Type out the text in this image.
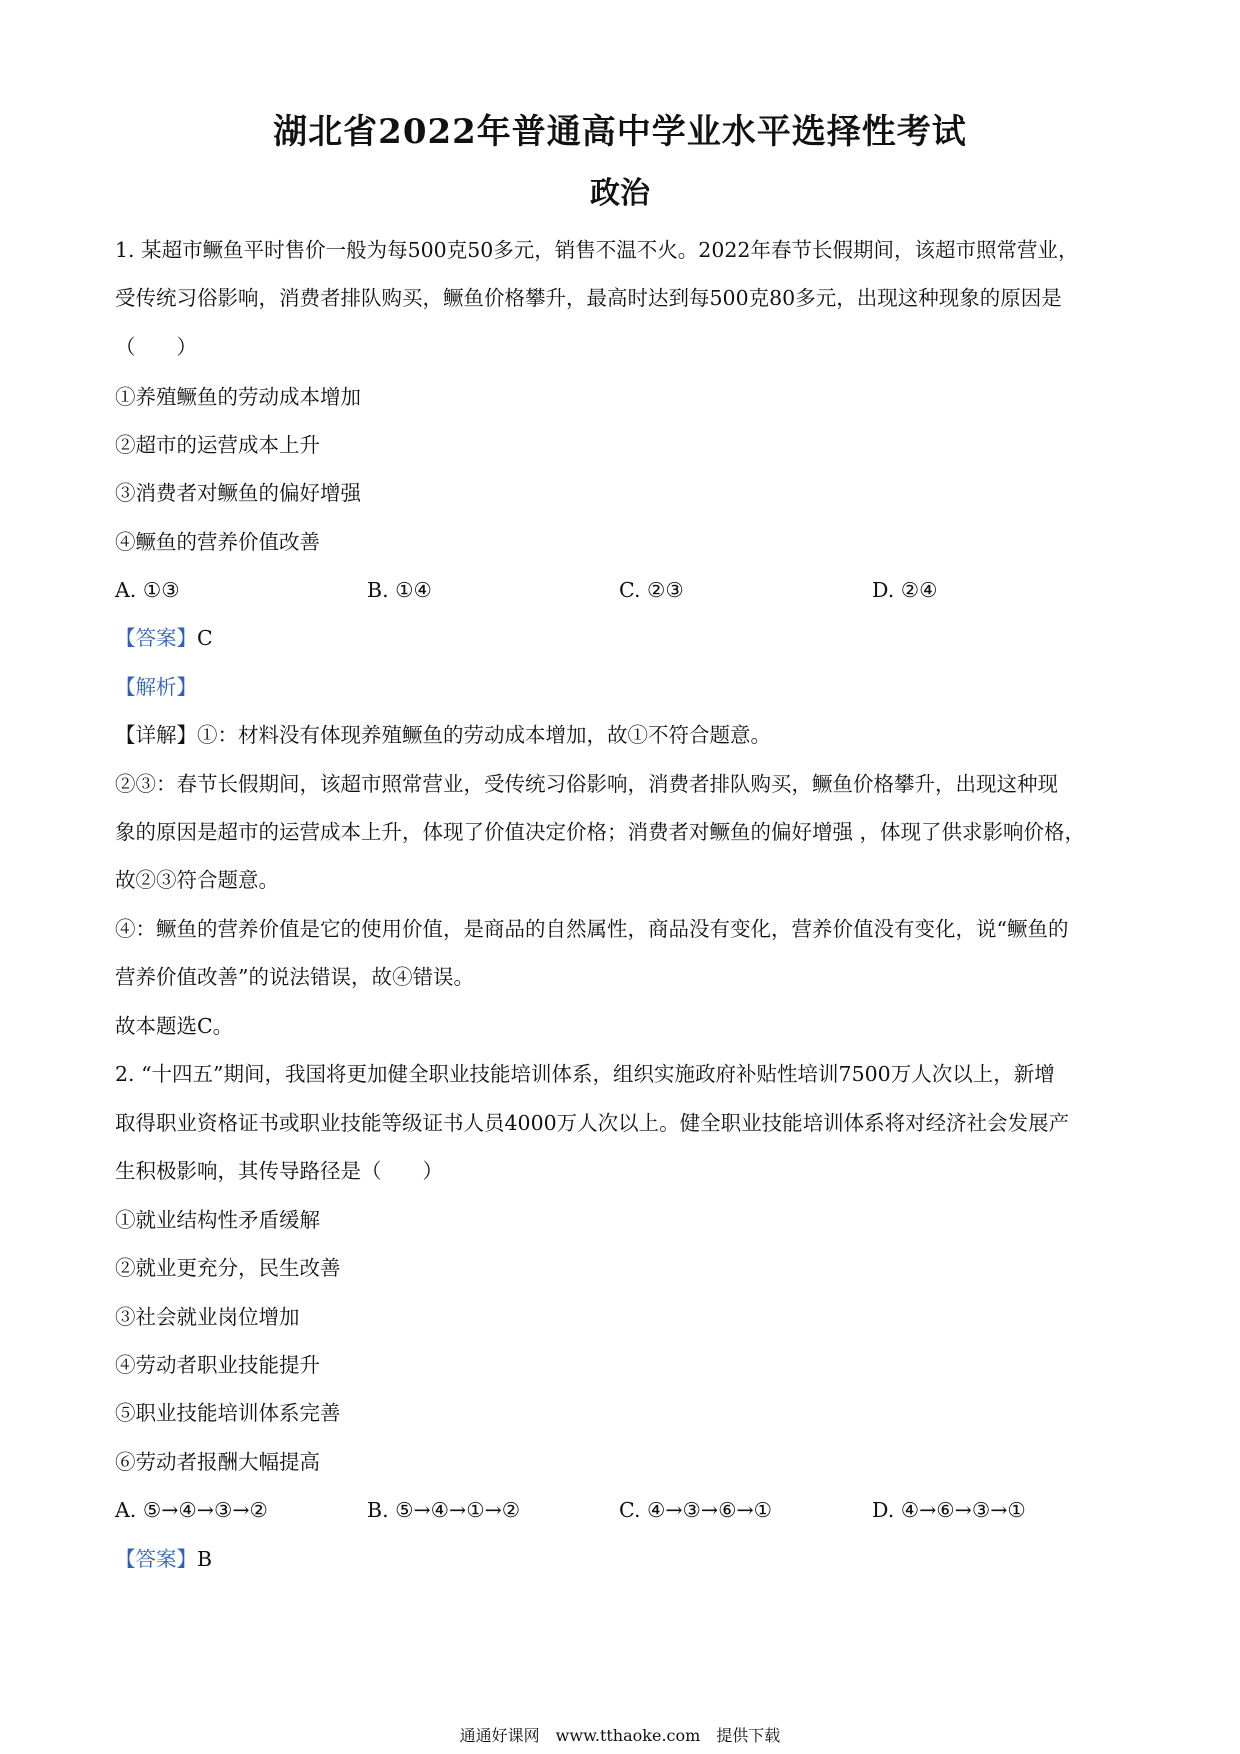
湖北省2022年普通高中学业水平选择性考试
政治
1. 某超市鳜鱼平时售价一般为每500克50多元，销售不温不火。2022年春节长假期间，该超市照常营业，
受传统习俗影响，消费者排队购买，鳜鱼价格攀升，最高时达到每500克80多元，出现这种现象的原因是
（　　）
①养殖鳜鱼的劳动成本增加
②超市的运营成本上升
③消费者对鳜鱼的偏好增强
④鳜鱼的营养价值改善
A. ①③	B. ①④	C. ②③	D. ②④
【答案】C
【解析】
【详解】①：材料没有体现养殖鳜鱼的劳动成本增加，故①不符合题意。
②③：春节长假期间，该超市照常营业，受传统习俗影响，消费者排队购买，鳜鱼价格攀升，出现这种现
象的原因是超市的运营成本上升，体现了价值决定价格；消费者对鳜鱼的偏好增强 ，体现了供求影响价格，
故②③符合题意。
④：鳜鱼的营养价值是它的使用价值，是商品的自然属性，商品没有变化，营养价值没有变化，说“鳜鱼的
营养价值改善”的说法错误，故④错误。
故本题选C。
2. “十四五”期间，我国将更加健全职业技能培训体系，组织实施政府补贴性培训7500万人次以上，新增
取得职业资格证书或职业技能等级证书人员4000万人次以上。健全职业技能培训体系将对经济社会发展产
生积极影响，其传导路径是（　　）
①就业结构性矛盾缓解
②就业更充分，民生改善
③社会就业岗位增加
④劳动者职业技能提升
⑤职业技能培训体系完善
⑥劳动者报酬大幅提高
A. ⑤→④→③→②	B. ⑤→④→①→②	C. ④→③→⑥→①	D. ④→⑥→③→①
【答案】B
通通好课网　www.tthaoke.com　提供下载
